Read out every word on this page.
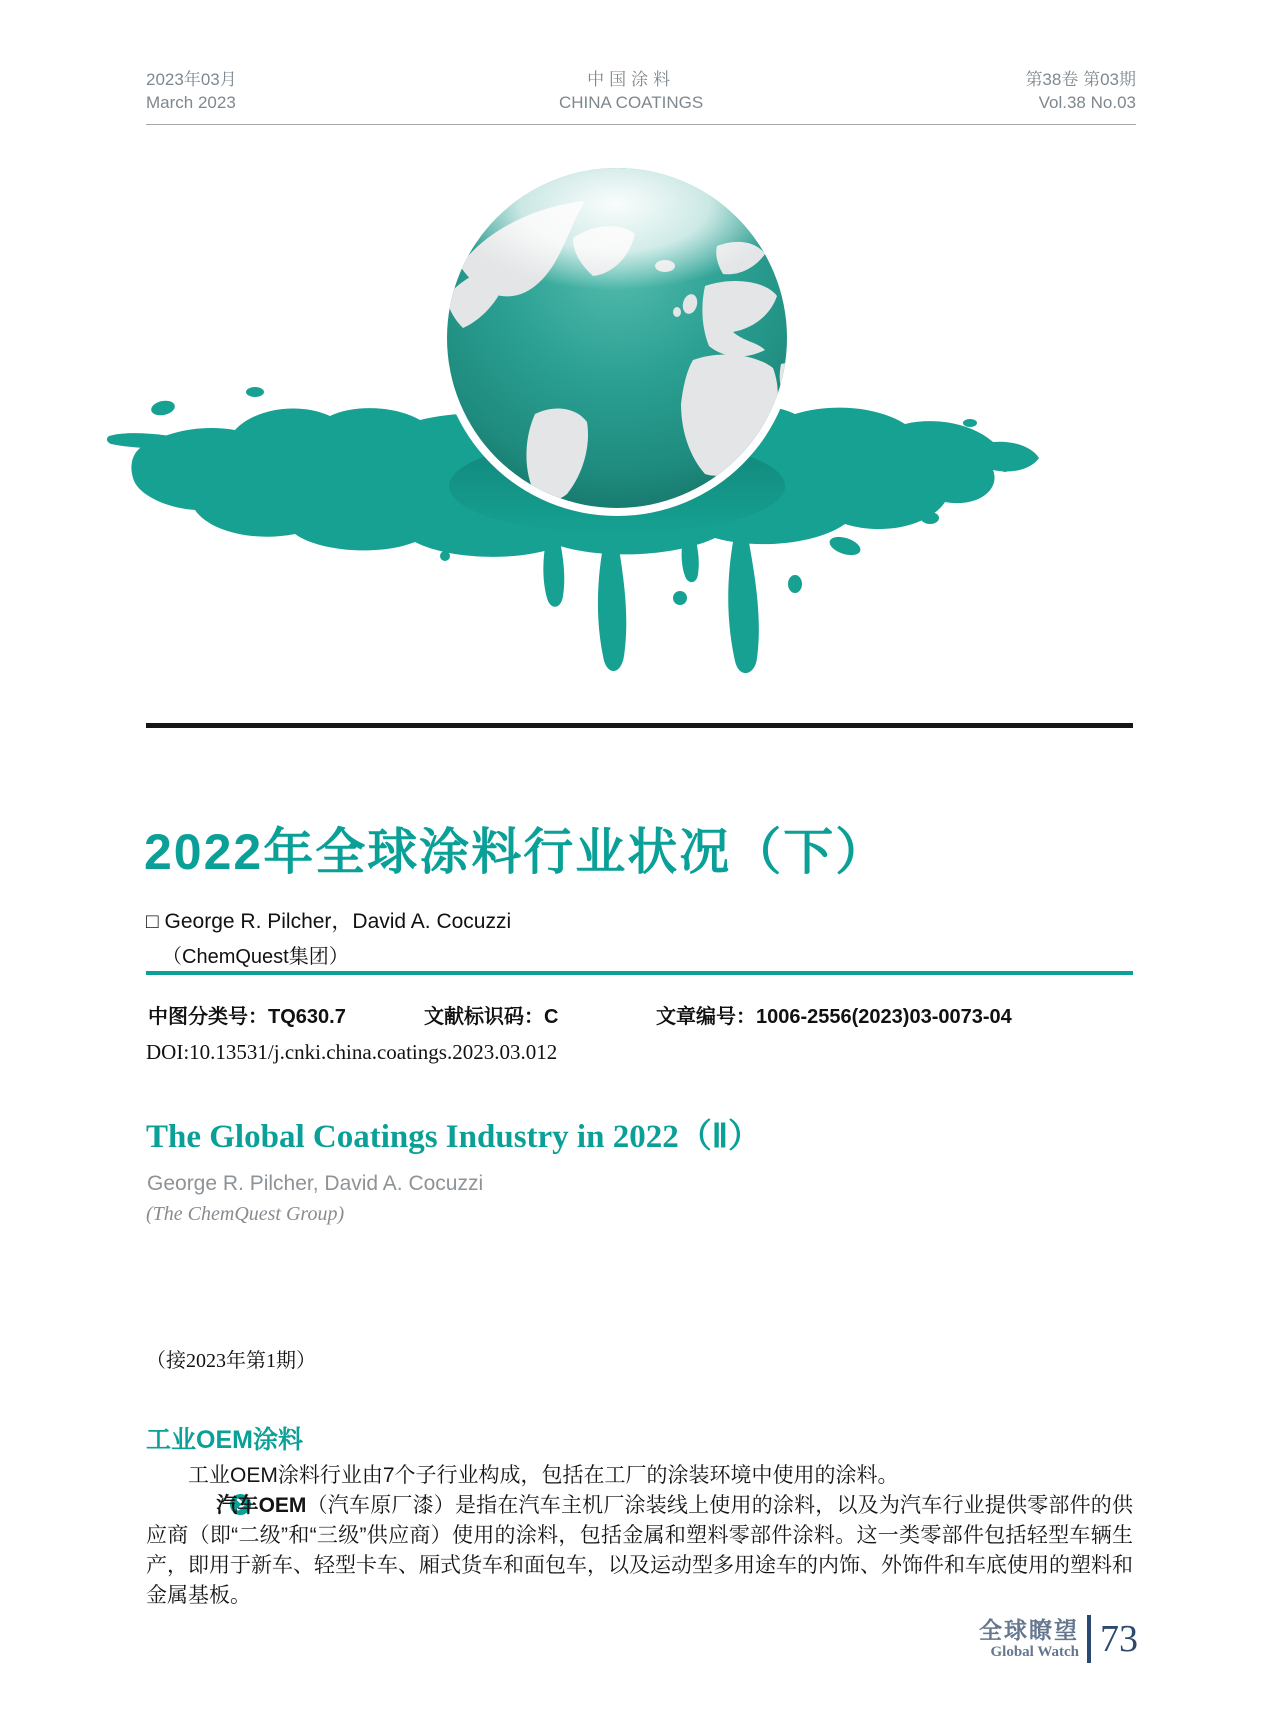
2023年03月
March 2023
中国涂料
CHINA COATINGS
第38卷 第03期
Vol.38 No.03
2022年全球涂料行业状况（下）
□ George R. Pilcher，David A. Cocuzzi
（ChemQuest集团）
中图分类号：TQ630.7	文献标识码：C	文章编号：1006-2556(2023)03-0073-04
DOI:10.13531/j.cnki.china.coatings.2023.03.012
The Global Coatings Industry in 2022（Ⅱ）
George R. Pilcher, David A. Cocuzzi
(The ChemQuest Group)
（接2023年第1期）
工业OEM涂料

工业OEM涂料行业由7个子行业构成，包括在工厂的涂装环境中使用的涂料。

汽车OEM（汽车原厂漆）是指在汽车主机厂涂装线上使用的涂料，以及为汽车行业提供零部件的供应商（即“二级”和“三级”供应商）使用的涂料，包括金属和塑料零部件涂料。这一类零部件包括轻型车辆生产，即用于新车、轻型卡车、厢式货车和面包车，以及运动型多用途车的内饰、外饰件和车底使用的塑料和金属基板。

全球瞭望
Global Watch 73
